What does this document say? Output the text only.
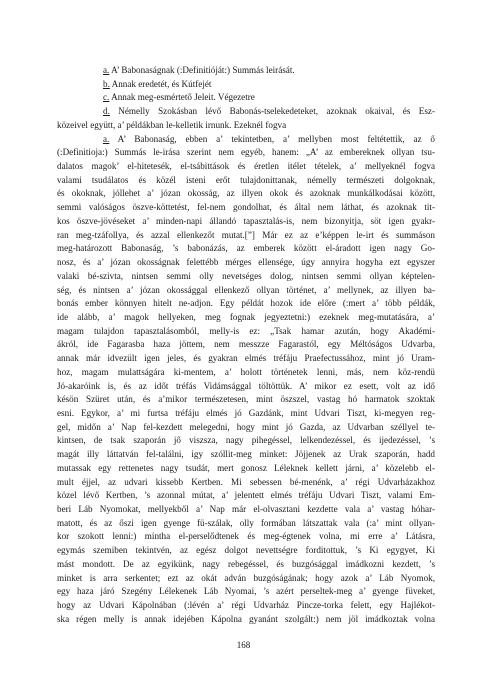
a. A’ Babonaságnak (:Definitióját:) Summás leirását.
b. Annak eredetét, és Kútfejét
c. Annak meg-esmértető Jeleit. Végezetre
d. Némelly Szokásban lévő Babonás-tselekedeteket, azoknak okaival, és Esz-
közeivel együtt, a’ példákban le-kelletik irnunk. Ezeknél fogva
a. A’ Babonaság, ebben a’ tekintetben, a’ mellyben most feltétettik, az ő
(:Definitioja:) Summás le-irása szerint nem egyéb, hanem: „A’ az embereknek ollyan tsu-
dalatos magok’ el-hitetesék, el-tsábittások és éretlen itélet tételek, a’ mellyeknél fogva
valami tsudálatos és közél isteni erőt tulajdonittanak, némelly természeti dolgoknak,
és okoknak, jóllehet a’ józan okosság, az illyen okok és azoknak munkálkodásai között,
semmi valóságos öszve-köttetést, fel-nem gondolhat, és által nem láthat, és azoknak tit-
kos öszve-jövéseket a’ minden-napi állandó tapasztalás-is, nem bizonyitja, söt igen gyakr-
ran meg-tzáfollya, és azzal ellenkezőt mutat.[”] Már ez az e’képpen le-irt és summáson
meg-határozott Babonaság, ’s babonázás, az emberek között el-áradott igen nagy Go-
nosz, és a’ józan okosságnak felettébb mérges ellensége, úgy annyira hogyha ezt egyszer
valaki bé-szivta, nintsen semmi olly nevetséges dolog, nintsen semmi ollyan képtelen-
ség, és nintsen a’ józan okossággal ellenkező ollyan történet, a’ mellynek, az illyen ba-
bonás ember könnyen hitelt ne-adjon. Egy példát hozok ide előre (:mert a’ több példák,
ide alább, a’ magok hellyeken, meg fognak jegyeztetni:) ezeknek meg-mutatására, a’
magam tulajdon tapasztalásomból, melly-is ez: „Tsak hamar azután, hogy Akadémi-
ákról, ide Fagarasba haza jöttem, nem messzze Fagarastól, egy Méltóságos Udvarba,
annak már idvezült igen jeles, és gyakran elmés tréfáju Praefectussához, mint jó Uram-
hoz, magam mulattságára ki-mentem, a’ holott történetek lenni, más, nem köz-rendü
Jó-akaróink is, és az időt tréfás Vidámsággal töltöttük. A’ mikor ez esett, volt az idő
késön Szüret után, és a’mikor természetesen, mint öszszel, vastag hó harmatok szoktak
esni. Egykor, a’ mi furtsa tréfáju elmés jó Gazdánk, mint Udvari Tiszt, ki-megyen reg-
gel, midőn a’ Nap fel-kezdett melegedni, hogy mint jó Gazda, az Udvarban széllyel te-
kintsen, de tsak szaporán jő viszsza, nagy pihegéssel, lelkendezéssel, és ijedezéssel, ’s
magát illy láttatván fel-találni, igy szóllit-meg minket: Jöjjenek az Urak szaporán, hadd
mutassak egy rettenetes nagy tsudát, mert gonosz Léleknek kellett járni, a’ közelebb el-
mult éjjel, az udvari kissebb Kertben. Mi sebessen bé-menénk, a’ régi Udvarházakhoz
közel lévő Kertben, ’s azonnal mútat, a’ jelentett elmés tréfáju Udvari Tiszt, valami Em-
beri Láb Nyomokat, mellyekből a’ Nap már el-olvasztani kezdette vala a’ vastag hóhar-
matott, és az őszi igen gyenge fü-szálak, olly formában látszattak vala (:a’ mint ollyan-
kor szokott lenni:) mintha el-perselődtenek és meg-égtenek volna, mi erre a’ Látásra,
egymás szemiben tekintvén, az egész dolgot nevettségre forditottuk, ’s Ki egygyet, Ki
mást mondott. De az egyikünk, nagy rebegéssel, és buzgósággal imádkozni kezdett, ’s
minket is arra serkentet; ezt az okát adván buzgóságának; hogy azok a’ Láb Nyomok,
egy haza járó Szegény Lélekenek Láb Nyomai, ’s azért perseltek-meg a’ gyenge füveket,
hogy az Udvari Kápolnában (:lévén a’ régi Udvarház Pincze-torka felett, egy Hajlékot-
ska régen melly is annak idejében Kápolna gyanánt szolgált:) nem jöl imádkoztak volna
168
